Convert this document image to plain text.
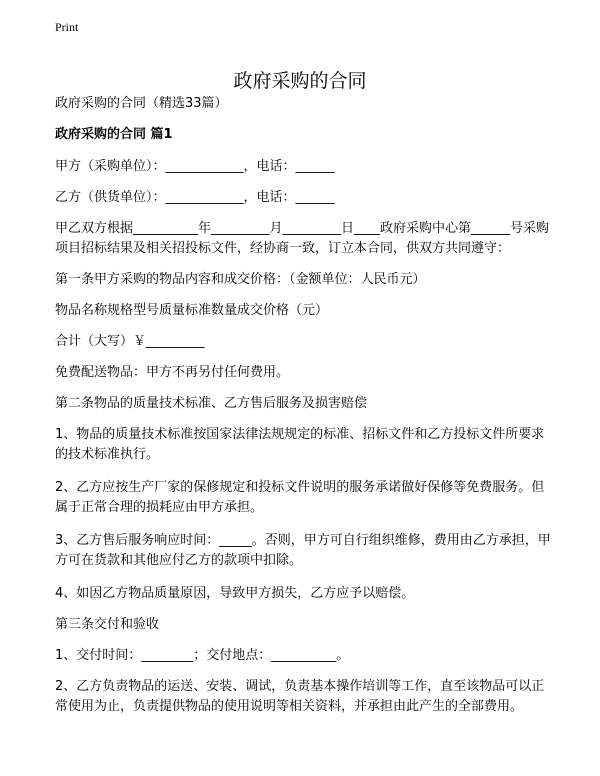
Print
政府采购的合同

政府采购的合同（精选33篇）

政府采购的合同 篇1

甲方（采购单位）：____________，电话：______

乙方（供货单位）：____________，电话：______

甲乙双方根据__________年_________月_________日____政府采购中心第______号采购项目招标结果及相关招投标文件，经协商一致，订立本合同，供双方共同遵守：

第一条甲方采购的物品内容和成交价格：（金额单位：人民币元）

物品名称规格型号质量标准数量成交价格（元）

合计（大写）￥_________

免费配送物品：甲方不再另付任何费用。

第二条物品的质量技术标准、乙方售后服务及损害赔偿

1、物品的质量技术标准按国家法律法规规定的标准、招标文件和乙方投标文件所要求的技术标准执行。

2、乙方应按生产厂家的保修规定和投标文件说明的服务承诺做好保修等免费服务。但属于正常合理的损耗应由甲方承担。

3、乙方售后服务响应时间：_____。否则，甲方可自行组织维修，费用由乙方承担，甲方可在货款和其他应付乙方的款项中扣除。

4、如因乙方物品质量原因，导致甲方损失，乙方应予以赔偿。

第三条交付和验收

1、交付时间：________；交付地点：__________。

2、乙方负责物品的运送、安装、调试，负责基本操作培训等工作，直至该物品可以正常使用为止，负责提供物品的使用说明等相关资料，并承担由此产生的全部费用。
